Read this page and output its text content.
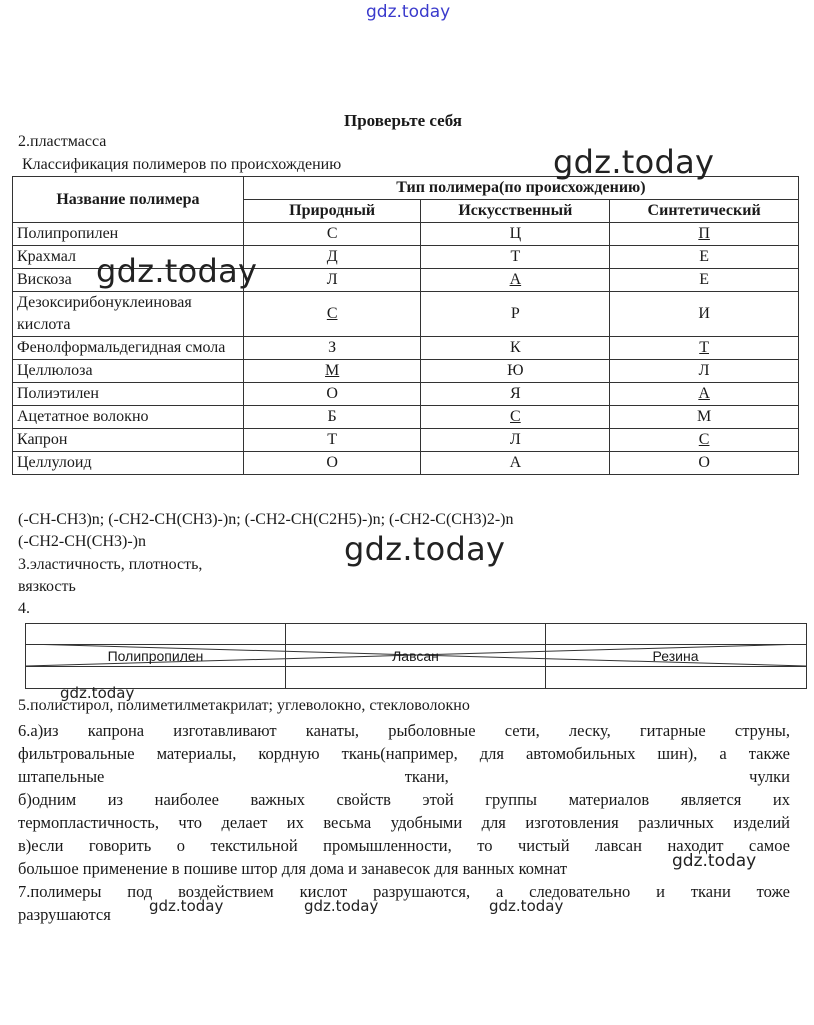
gdz.today
Проверьте себя
2.пластмасса
Классификация полимеров по происхождению
Название полимера	Тип полимера(по происхождению)		
	Природный	Искусственный	Синтетический
Полипропилен	С	Ц	П
Крахмал	Д	Т	Е
Вискоза	Л	А	Е
Дезоксирибонуклеиновая кислота	С	Р	И
Фенолформальдегидная смола	З	К	Т
Целлюлоза	М	Ю	Л
Полиэтилен	О	Я	А
Ацетатное волокно	Б	С	М
Капрон	Т	Л	С
Целлулоид	О	А	О
(-CH-CH3)n; (-CH2-CH(CH3)-)n; (-CH2-CH(C2H5)-)n; (-CH2-C(CH3)2-)n
(-CH2-CH(CH3)-)n
3.эластичность, плотность,
вязкость
4.
Полипропилен	Лавсан	Резина
5.полистирол, полиметилметакрилат; углеволокно, стекловолокно
6.а)из капрона изготавливают канаты, рыболовные сети, леску, гитарные струны,
фильтровальные материалы, кордную ткань(например, для автомобильных шин), а также
штапельные	ткани,	чулки
б)одним из наиболее важных свойств этой группы материалов является их
термопластичность, что делает их весьма удобными для изготовления различных изделий
в)если говорить о текстильной промышленности, то чистый лавсан находит самое
большое применение в пошиве штор для дома и занавесок для ванных комнат
7.полимеры под воздействием кислот разрушаются, а следовательно и ткани тоже
разрушаются
gdz.today
gdz.today
gdz.today
gdz.today
gdz.today
gdz.today	gdz.today	gdz.today
